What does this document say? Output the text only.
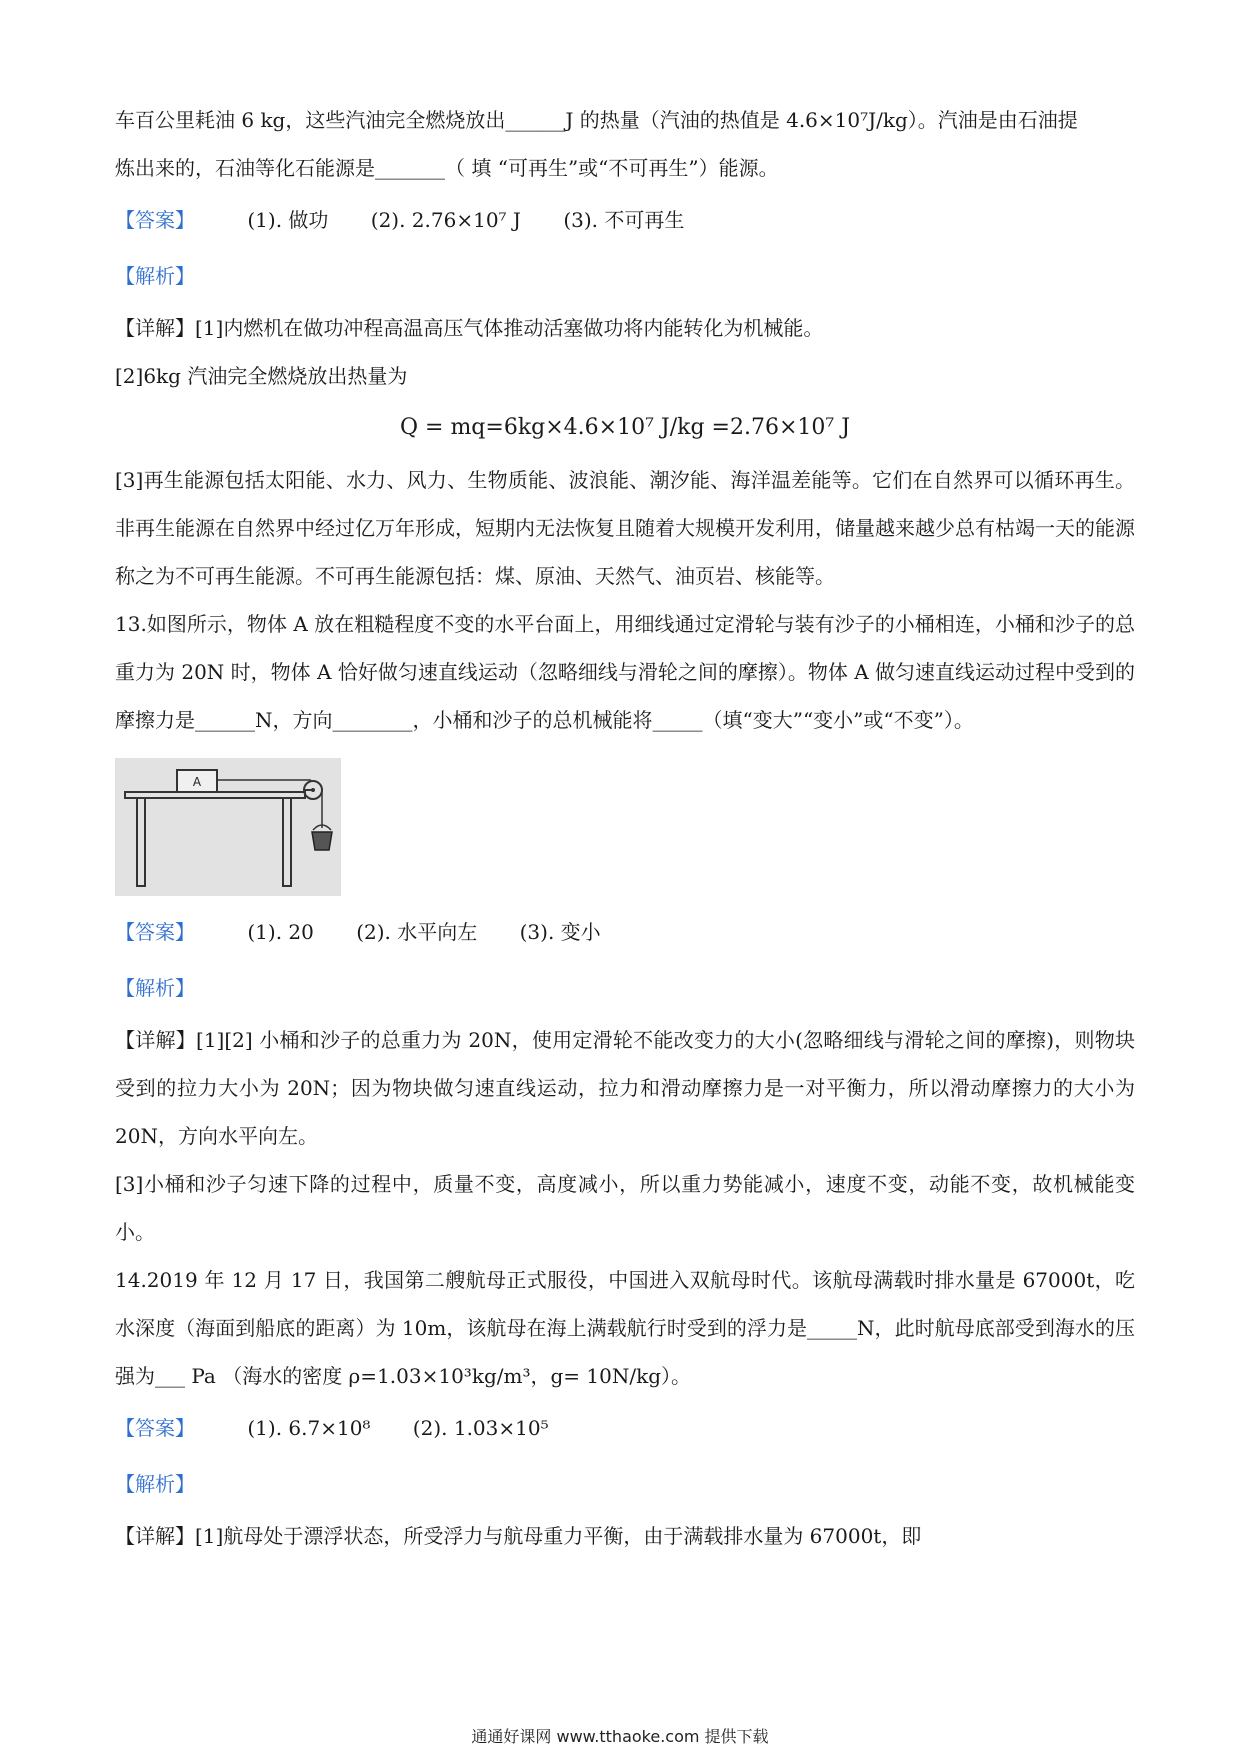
车百公里耗油 6 kg，这些汽油完全燃烧放出______J 的热量（汽油的热值是 4.6×10⁷J/kg）。汽油是由石油提
炼出来的，石油等化石能源是_______（ 填 “可再生”或“不可再生”）能源。
【答案】	(1). 做功 (2). 2.76×10⁷ J (3). 不可再生
【解析】
【详解】[1]内燃机在做功冲程高温高压气体推动活塞做功将内能转化为机械能。
[2]6kg 汽油完全燃烧放出热量为
Q = mq=6kg×4.6×10⁷ J/kg =2.76×10⁷ J
[3]再生能源包括太阳能、水力、风力、生物质能、波浪能、潮汐能、海洋温差能等。它们在自然界可以循环再生。非再生能源在自然界中经过亿万年形成，短期内无法恢复且随着大规模开发利用，储量越来越少总有枯竭一天的能源称之为不可再生能源。不可再生能源包括：煤、原油、天然气、油页岩、核能等。
13.如图所示，物体 A 放在粗糙程度不变的水平台面上，用细线通过定滑轮与装有沙子的小桶相连，小桶和沙子的总重力为 20N 时，物体 A 恰好做匀速直线运动（忽略细线与滑轮之间的摩擦）。物体 A 做匀速直线运动过程中受到的摩擦力是______N，方向________，小桶和沙子的总机械能将_____（填“变大”“变小”或“不变”）。
A
【答案】	(1). 20 (2). 水平向左 (3). 变小
【解析】
【详解】[1][2] 小桶和沙子的总重力为 20N，使用定滑轮不能改变力的大小(忽略细线与滑轮之间的摩擦)，则物块受到的拉力大小为 20N；因为物块做匀速直线运动，拉力和滑动摩擦力是一对平衡力，所以滑动摩擦力的大小为 20N，方向水平向左。
[3]小桶和沙子匀速下降的过程中，质量不变，高度减小，所以重力势能减小，速度不变，动能不变，故机械能变小。
14.2019 年 12 月 17 日，我国第二艘航母正式服役，中国进入双航母时代。该航母满载时排水量是 67000t，吃水深度（海面到船底的距离）为 10m，该航母在海上满载航行时受到的浮力是_____N，此时航母底部受到海水的压强为___ Pa （海水的密度 ρ=1.03×10³kg/m³，g= 10N/kg）。
【答案】	(1). 6.7×10⁸ (2). 1.03×10⁵
【解析】
【详解】[1]航母处于漂浮状态，所受浮力与航母重力平衡，由于满载排水量为 67000t，即
通通好课网 www.tthaoke.com 提供下载
